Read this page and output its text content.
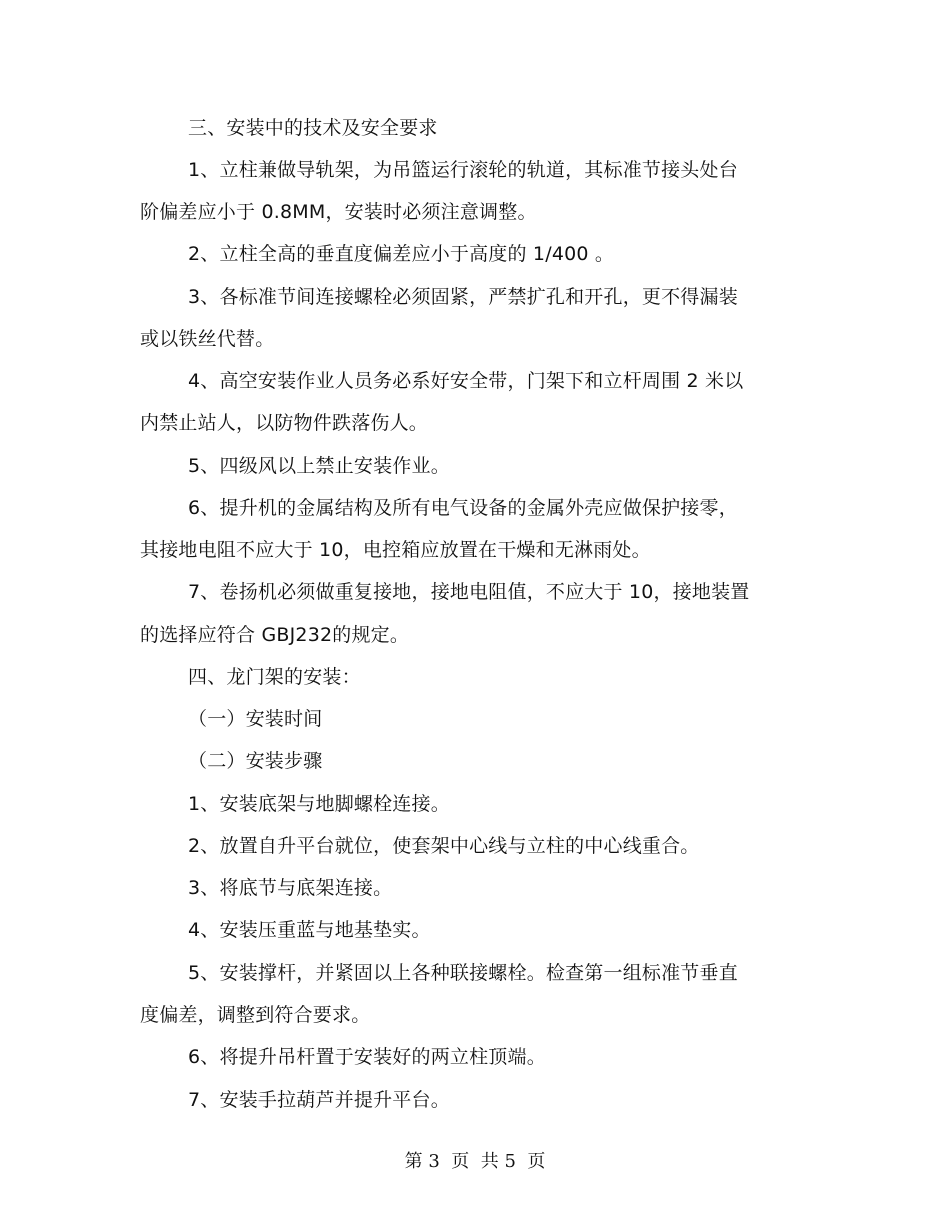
三、安装中的技术及安全要求
1、立柱兼做导轨架，为吊篮运行滚轮的轨道，其标准节接头处台
阶偏差应小于 0.8MM，安装时必须注意调整。
2、立柱全高的垂直度偏差应小于高度的 1/400 。
3、各标准节间连接螺栓必须固紧，严禁扩孔和开孔，更不得漏装
或以铁丝代替。
4、高空安装作业人员务必系好安全带，门架下和立杆周围 2 米以
内禁止站人，以防物件跌落伤人。
5、四级风以上禁止安装作业。
6、提升机的金属结构及所有电气设备的金属外壳应做保护接零，
其接地电阻不应大于 10，电控箱应放置在干燥和无淋雨处。
7、卷扬机必须做重复接地，接地电阻值，不应大于 10，接地装置
的选择应符合 GBJ232的规定。
四、龙门架的安装：
（一）安装时间
（二）安装步骤
1、安装底架与地脚螺栓连接。
2、放置自升平台就位，使套架中心线与立柱的中心线重合。
3、将底节与底架连接。
4、安装压重蓝与地基垫实。
5、安装撑杆，并紧固以上各种联接螺栓。检查第一组标准节垂直
度偏差，调整到符合要求。
6、将提升吊杆置于安装好的两立柱顶端。
7、安装手拉葫芦并提升平台。
第 3  页  共 5  页
